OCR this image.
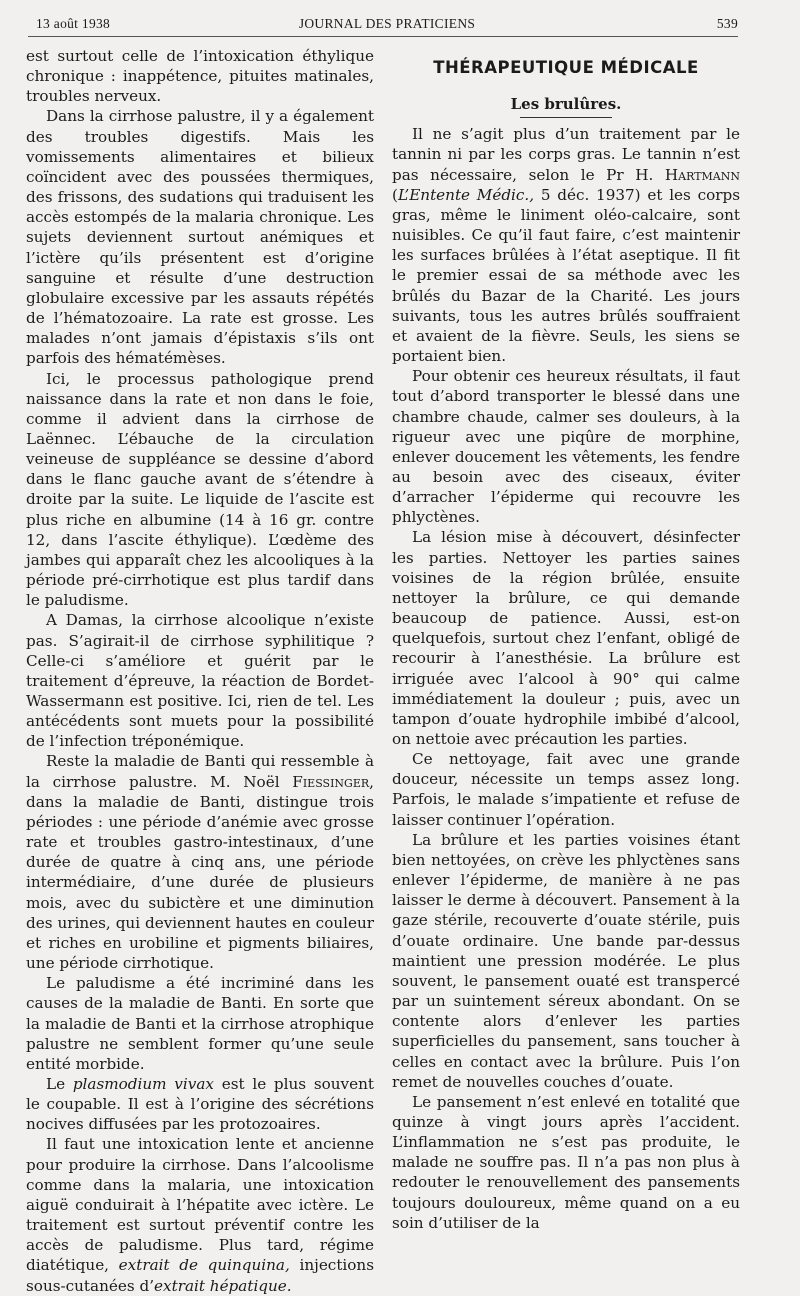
13 août 1938	JOURNAL DES PRATICIENS	539

est surtout celle de l’intoxication éthylique chronique : inappétence, pituites matinales, troubles nerveux.

Dans la cirrhose palustre, il y a également des troubles digestifs. Mais les vomissements alimentaires et bilieux coïncident avec des poussées thermiques, des frissons, des sudations qui traduisent les accès estompés de la malaria chronique. Les sujets deviennent surtout anémiques et l’ictère qu’ils présentent est d’origine sanguine et résulte d’une destruction globulaire excessive par les assauts répétés de l’hématozoaire. La rate est grosse. Les malades n’ont jamais d’épistaxis s’ils ont parfois des hématémèses.

Ici, le processus pathologique prend naissance dans la rate et non dans le foie, comme il advient dans la cirrhose de Laënnec. L’ébauche de la circulation veineuse de suppléance se dessine d’abord dans le flanc gauche avant de s’étendre à droite par la suite. Le liquide de l’ascite est plus riche en albumine (14 à 16 gr. contre 12, dans l’ascite éthylique). L’œdème des jambes qui apparaît chez les alcooliques à la période pré-cirrhotique est plus tardif dans le paludisme.

A Damas, la cirrhose alcoolique n’existe pas. S’agirait-il de cirrhose syphilitique ? Celle-ci s’améliore et guérit par le traitement d’épreuve, la réaction de Bordet-Wassermann est positive. Ici, rien de tel. Les antécédents sont muets pour la possibilité de l’infection tréponémique.

Reste la maladie de Banti qui ressemble à la cirrhose palustre. M. Noël Fiessinger, dans la maladie de Banti, distingue trois périodes : une période d’anémie avec grosse rate et troubles gastro-intestinaux, d’une durée de quatre à cinq ans, une période intermédiaire, d’une durée de plusieurs mois, avec du subictère et une diminution des urines, qui deviennent hautes en couleur et riches en urobiline et pigments biliaires, une période cirrhotique.

Le paludisme a été incriminé dans les causes de la maladie de Banti. En sorte que la maladie de Banti et la cirrhose atrophique palustre ne semblent former qu’une seule entité morbide.

Le plasmodium vivax est le plus souvent le coupable. Il est à l’origine des sécrétions nocives diffusées par les protozoaires.

Il faut une intoxication lente et ancienne pour produire la cirrhose. Dans l’alcoolisme comme dans la malaria, une intoxication aiguë conduirait à l’hépatite avec ictère. Le traitement est surtout préventif contre les accès de paludisme. Plus tard, régime diatétique, extrait de quinquina, injections sous-cutanées d’extrait hépatique.

THÉRAPEUTIQUE MÉDICALE
Les brulûres.

Il ne s’agit plus d’un traitement par le tannin ni par les corps gras. Le tannin n’est pas nécessaire, selon le Pr H. Hartmann (L’Entente Médic., 5 déc. 1937) et les corps gras, même le liniment oléo-calcaire, sont nuisibles. Ce qu’il faut faire, c’est maintenir les surfaces brûlées à l’état aseptique. Il fit le premier essai de sa méthode avec les brûlés du Bazar de la Charité. Les jours suivants, tous les autres brûlés souffraient et avaient de la fièvre. Seuls, les siens se portaient bien.

Pour obtenir ces heureux résultats, il faut tout d’abord transporter le blessé dans une chambre chaude, calmer ses douleurs, à la rigueur avec une piqûre de morphine, enlever doucement les vêtements, les fendre au besoin avec des ciseaux, éviter d’arracher l’épiderme qui recouvre les phlyctènes.

La lésion mise à découvert, désinfecter les parties. Nettoyer les parties saines voisines de la région brûlée, ensuite nettoyer la brûlure, ce qui demande beaucoup de patience. Aussi, est-on quelquefois, surtout chez l’enfant, obligé de recourir à l’anesthésie. La brûlure est irriguée avec l’alcool à 90° qui calme immédiatement la douleur ; puis, avec un tampon d’ouate hydrophile imbibé d’alcool, on nettoie avec précaution les parties.

Ce nettoyage, fait avec une grande douceur, nécessite un temps assez long. Parfois, le malade s’impatiente et refuse de laisser continuer l’opération.

La brûlure et les parties voisines étant bien nettoyées, on crève les phlyctènes sans enlever l’épiderme, de manière à ne pas laisser le derme à découvert. Pansement à la gaze stérile, recouverte d’ouate stérile, puis d’ouate ordinaire. Une bande par-dessus maintient une pression modérée. Le plus souvent, le pansement ouaté est transpercé par un suintement séreux abondant. On se contente alors d’enlever les parties superficielles du pansement, sans toucher à celles en contact avec la brûlure. Puis l’on remet de nouvelles couches d’ouate.

Le pansement n’est enlevé en totalité que quinze à vingt jours après l’accident. L’inflammation ne s’est pas produite, le malade ne souffre pas. Il n’a pas non plus à redouter le renouvellement des pansements toujours douloureux, même quand on a eu soin d’utiliser de la
